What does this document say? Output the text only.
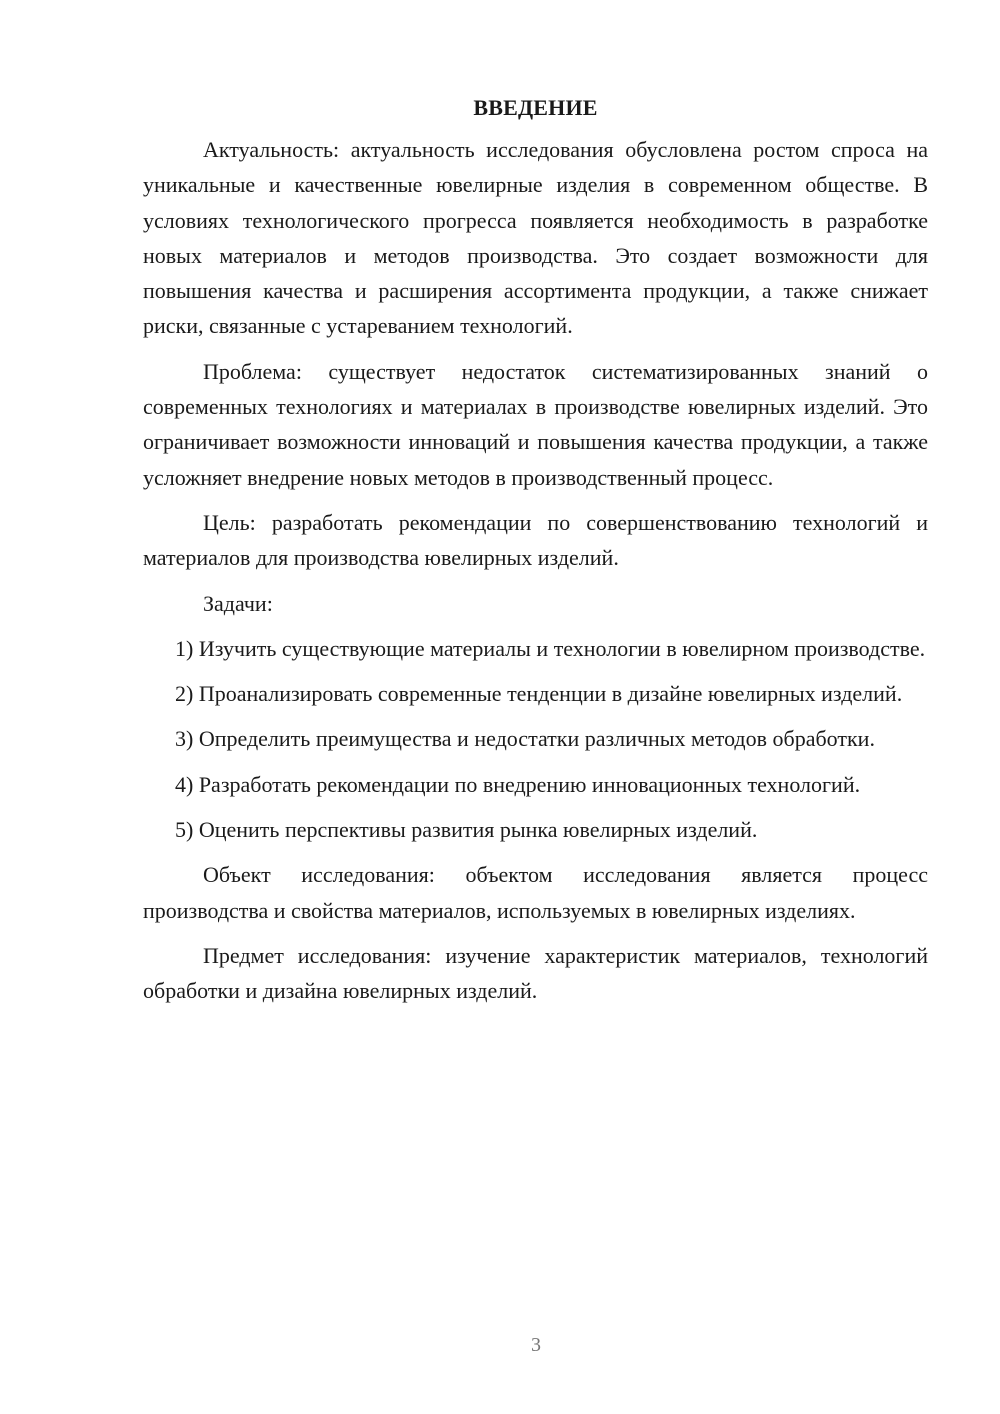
ВВЕДЕНИЕ

Актуальность: актуальность исследования обусловлена ростом спроса на уникальные и качественные ювелирные изделия в современном обществе. В условиях технологического прогресса появляется необходимость в разработке новых материалов и методов производства. Это создает возможности для повышения качества и расширения ассортимента продукции, а также снижает риски, связанные с устареванием технологий.

Проблема: существует недостаток систематизированных знаний о современных технологиях и материалах в производстве ювелирных изделий. Это ограничивает возможности инноваций и повышения качества продукции, а также усложняет внедрение новых методов в производственный процесс.

Цель: разработать рекомендации по совершенствованию технологий и материалов для производства ювелирных изделий.

Задачи:

1) Изучить существующие материалы и технологии в ювелирном производстве.

2) Проанализировать современные тенденции в дизайне ювелирных изделий.

3) Определить преимущества и недостатки различных методов обработки.

4) Разработать рекомендации по внедрению инновационных технологий.

5) Оценить перспективы развития рынка ювелирных изделий.

Объект исследования: объектом исследования является процесс производства и свойства материалов, используемых в ювелирных изделиях.

Предмет исследования: изучение характеристик материалов, технологий обработки и дизайна ювелирных изделий.

3
